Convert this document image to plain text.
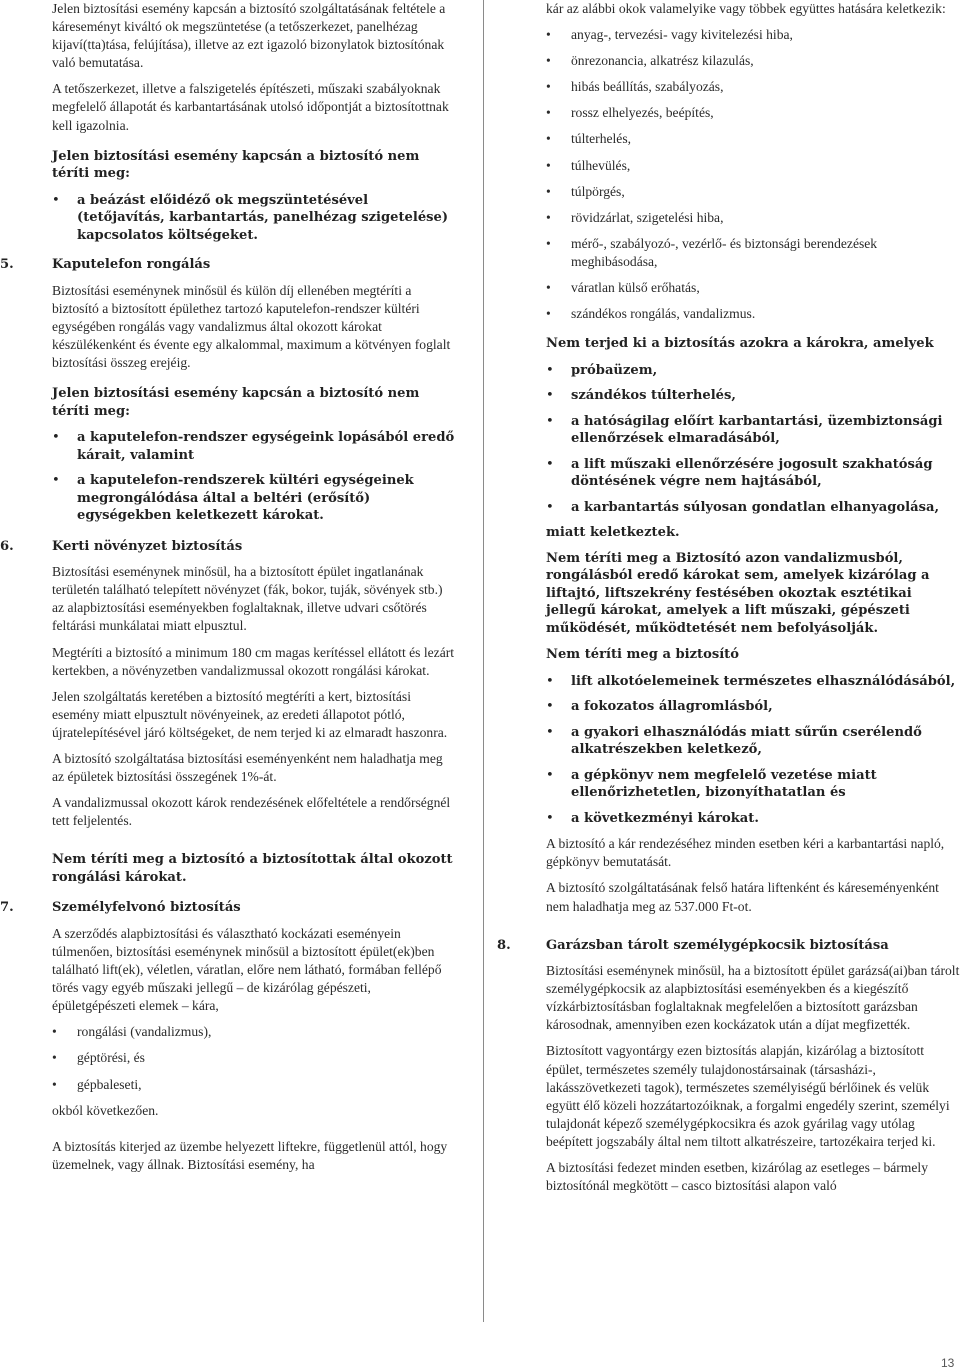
Jelen biztosítási esemény kapcsán a biztosító szolgáltatásának feltétele a káreseményt kiváltó ok megszüntetése (a tetőszerkezet, panelhézag kijaví(tta)tása, felújítása), illetve az ezt igazoló bizonylatok biztosítónak való bemutatása.

A tetőszerkezet, illetve a falszigetelés építészeti, műszaki szabályoknak megfelelő állapotát és karbantartásának utolsó időpontját a biztosítottnak kell igazolnia.

Jelen biztosítási esemény kapcsán a biztosító nem téríti meg:

• a beázást előidéző ok megszüntetésével (tetőjavítás, karbantartás, panelhézag szigetelése) kapcsolatos költségeket.
5.	Kaputelefon rongálás

Biztosítási eseménynek minősül és külön díj ellenében megtéríti a biztosító a biztosított épülethez tartozó kaputelefon-rendszer kültéri egységében rongálás vagy vandalizmus által okozott károkat készülékenként és évente egy alkalommal, maximum a kötvényen foglalt biztosítási összeg erejéig.

Jelen biztosítási esemény kapcsán a biztosító nem téríti meg:

• a kaputelefon-rendszer egységeink lopásából eredő kárait, valamint
• a kaputelefon-rendszerek kültéri egységeinek megrongálódása által a beltéri (erősítő) egységekben keletkezett károkat.
6.	Kerti növényzet biztosítás

Biztosítási eseménynek minősül, ha a biztosított épület ingatlanának területén található telepített növényzet (fák, bokor, tuják, sövények stb.) az alapbiztosítási eseményekben foglaltaknak, illetve udvari csőtörés feltárási munkálatai miatt elpusztul.

Megtéríti a biztosító a minimum 180 cm magas kerítéssel ellátott és lezárt kertekben, a növényzetben vandalizmussal okozott rongálási károkat.

Jelen szolgáltatás keretében a biztosító megtéríti a kert, biztosítási esemény miatt elpusztult növényeinek, az eredeti állapotot pótló, újratelepítésével járó költségeket, de nem terjed ki az elmaradt haszonra.

A biztosító szolgáltatása biztosítási eseményenként nem haladhatja meg az épületek biztosítási összegének 1%-át.

A vandalizmussal okozott károk rendezésének előfeltétele a rendőrségnél tett feljelentés.

Nem téríti meg a biztosító a biztosítottak által okozott rongálási károkat.

7.	Személyfelvonó biztosítás

A szerződés alapbiztosítási és választható kockázati eseményein túlmenően, biztosítási eseménynek minősül a biztosított épület(ek)ben található lift(ek), véletlen, váratlan, előre nem látható, formában fellépő törés vagy egyéb műszaki jellegű – de kizárólag gépészeti, épületgépészeti elemek – kára,

• rongálási (vandalizmus),
• géptörési, és
• gépbaleseti,

okból következően.

A biztosítás kiterjed az üzembe helyezett liftekre, függetlenül attól, hogy üzemelnek, vagy állnak. Biztosítási esemény, ha

kár az alábbi okok valamelyike vagy többek együttes hatására keletkezik:

• anyag-, tervezési- vagy kivitelezési hiba,
• önrezonancia, alkatrész kilazulás,
• hibás beállítás, szabályozás,
• rossz elhelyezés, beépítés,
• túlterhelés,
• túlhevülés,
• túlpörgés,
• rövidzárlat, szigetelési hiba,
• mérő-, szabályozó-, vezérlő- és biztonsági berendezések meghibásodása,
• váratlan külső erőhatás,
• szándékos rongálás, vandalizmus.

Nem terjed ki a biztosítás azokra a károkra, amelyek

• próbaüzem,
• szándékos túlterhelés,
• a hatóságilag előírt karbantartási, üzembiztonsági ellenőrzések elmaradásából,
• a lift műszaki ellenőrzésére jogosult szakhatóság döntésének végre nem hajtásából,
• a karbantartás súlyosan gondatlan elhanyagolása,

miatt keletkeztek.

Nem téríti meg a Biztosító azon vandalizmusból, rongálásból eredő károkat sem, amelyek kizárólag a liftajtó, liftszekrény festésében okoztak esztétikai jellegű károkat, amelyek a lift műszaki, gépészeti működését, működtetését nem befolyásolják.

Nem téríti meg a biztosító

• lift alkotóelemeinek természetes elhasználódásából,
• a fokozatos állagromlásból,
• a gyakori elhasználódás miatt sűrűn cserélendő alkatrészekben keletkező,
• a gépkönyv nem megfelelő vezetése miatt ellenőrizhetetlen, bizonyíthatatlan és
• a következményi károkat.

A biztosító a kár rendezéséhez minden esetben kéri a karbantartási napló, gépkönyv bemutatását.

A biztosító szolgáltatásának felső határa liftenként és káreseményenként nem haladhatja meg az 537.000 Ft-ot.

8.	Garázsban tárolt személygépkocsik biztosítása

Biztosítási eseménynek minősül, ha a biztosított épület garázsá(ai)ban tárolt személygépkocsik az alapbiztosítási eseményekben és a kiegészítő vízkárbiztosításban foglaltaknak megfelelően a biztosított garázsban károsodnak, amennyiben ezen kockázatok után a díjat megfizették.

Biztosított vagyontárgy ezen biztosítás alapján, kizárólag a biztosított épület, természetes személy tulajdonostársainak (társasházi-, lakásszövetkezeti tagok), természetes személyiségű bérlőinek és velük együtt élő közeli hozzátartozóiknak, a forgalmi engedély szerint, személyi tulajdonát képező személygépkocsikra és azok gyárilag vagy utólag beépített jogszabály által nem tiltott alkatrészeire, tartozékaira terjed ki.

A biztosítási fedezet minden esetben, kizárólag az esetleges – bármely biztosítónál megkötött – casco biztosítási alapon való

13
